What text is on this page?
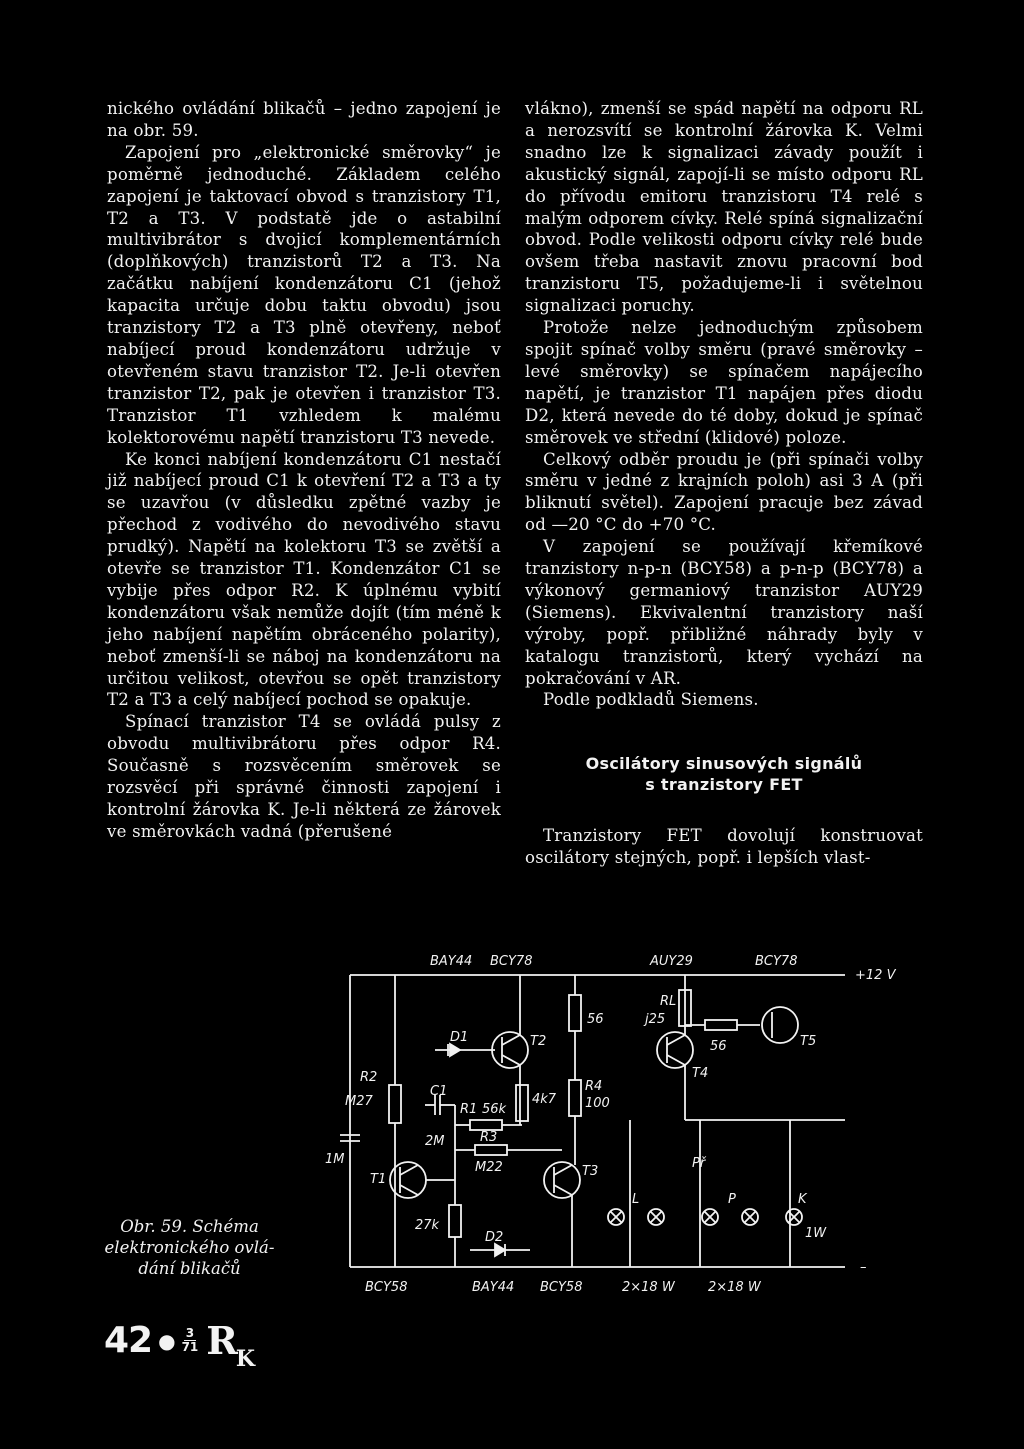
nického ovládání blikačů – jedno zapojení je na obr. 59.

Zapojení pro „elektronické směrovky“ je poměrně jednoduché. Základem celého zapojení je taktovací obvod s tranzistory T1, T2 a T3. V podstatě jde o astabilní multivibrátor s dvojicí komplementárních (doplňkových) tranzistorů T2 a T3. Na začátku nabíjení kondenzátoru C1 (jehož kapacita určuje dobu taktu obvodu) jsou tranzistory T2 a T3 plně otevřeny, neboť nabíjecí proud kondenzátoru udržuje v otevřeném stavu tranzistor T2. Je-li otevřen tranzistor T2, pak je otevřen i tranzistor T3. Tranzistor T1 vzhledem k malému kolektorovému napětí tranzistoru T3 nevede.

Ke konci nabíjení kondenzátoru C1 nestačí již nabíjecí proud C1 k otevření T2 a T3 a ty se uzavřou (v důsledku zpětné vazby je přechod z vodivého do nevodivého stavu prudký). Napětí na kolektoru T3 se zvětší a otevře se tranzistor T1. Kondenzátor C1 se vybije přes odpor R2. K úplnému vybití kondenzátoru však nemůže dojít (tím méně k jeho nabíjení napětím obráceného polarity), neboť zmenší-li se náboj na kondenzátoru na určitou velikost, otevřou se opět tranzistory T2 a T3 a celý nabíjecí pochod se opakuje.

Spínací tranzistor T4 se ovládá pulsy z obvodu multivibrátoru přes odpor R4. Současně s rozsvěcením směrovek se rozsvěcí při správné činnosti zapojení i kontrolní žárovka K. Je-li některá ze žárovek ve směrovkách vadná (přerušené

vlákno), zmenší se spád napětí na odporu RL a nerozsvítí se kontrolní žárovka K. Velmi snadno lze k signalizaci závady použít i akustický signál, zapojí-li se místo odporu RL do přívodu emitoru tranzistoru T4 relé s malým odporem cívky. Relé spíná signalizační obvod. Podle velikosti odporu cívky relé bude ovšem třeba nastavit znovu pracovní bod tranzistoru T5, požadujeme-li i světelnou signalizaci poruchy.

Protože nelze jednoduchým způsobem spojit spínač volby směru (pravé směrovky – levé směrovky) se spínačem napájecího napětí, je tranzistor T1 napájen přes diodu D2, která nevede do té doby, dokud je spínač směrovek ve střední (klidové) poloze.

Celkový odběr proudu je (při spínači volby směru v jedné z krajních poloh) asi 3 A (při bliknutí světel). Zapojení pracuje bez závad od —20 °C do +70 °C.

V zapojení se používají křemíkové tranzistory n-p-n (BCY58) a p-n-p (BCY78) a výkonový germaniový tranzistor AUY29 (Siemens). Ekvivalentní tranzistory naší výroby, popř. přibližné náhrady byly v katalogu tranzistorů, který vychází na pokračování v AR.

Podle podkladů Siemens.

Oscilátory sinusových signálů
s tranzistory FET

Tranzistory FET dovolují konstruovat oscilátory stejných, popř. i lepších vlast-

BAY44 BCY78	AUY29	BCY78
+12 V
56
RL
j25
56	T5
T4
T2
D1
R2
M27
C1
2M
R1 56k
4k7
R4
100
1M
R3
M22
T1
T3
Př
L	P	K
1W
27k
D2
BCY58	BAY44 BCY58	2×18 W	2×18 W
–
Obr. 59. Schéma
elektronického ovlá-
dání blikačů
42 ● $\frac{3}{71} R_K$
